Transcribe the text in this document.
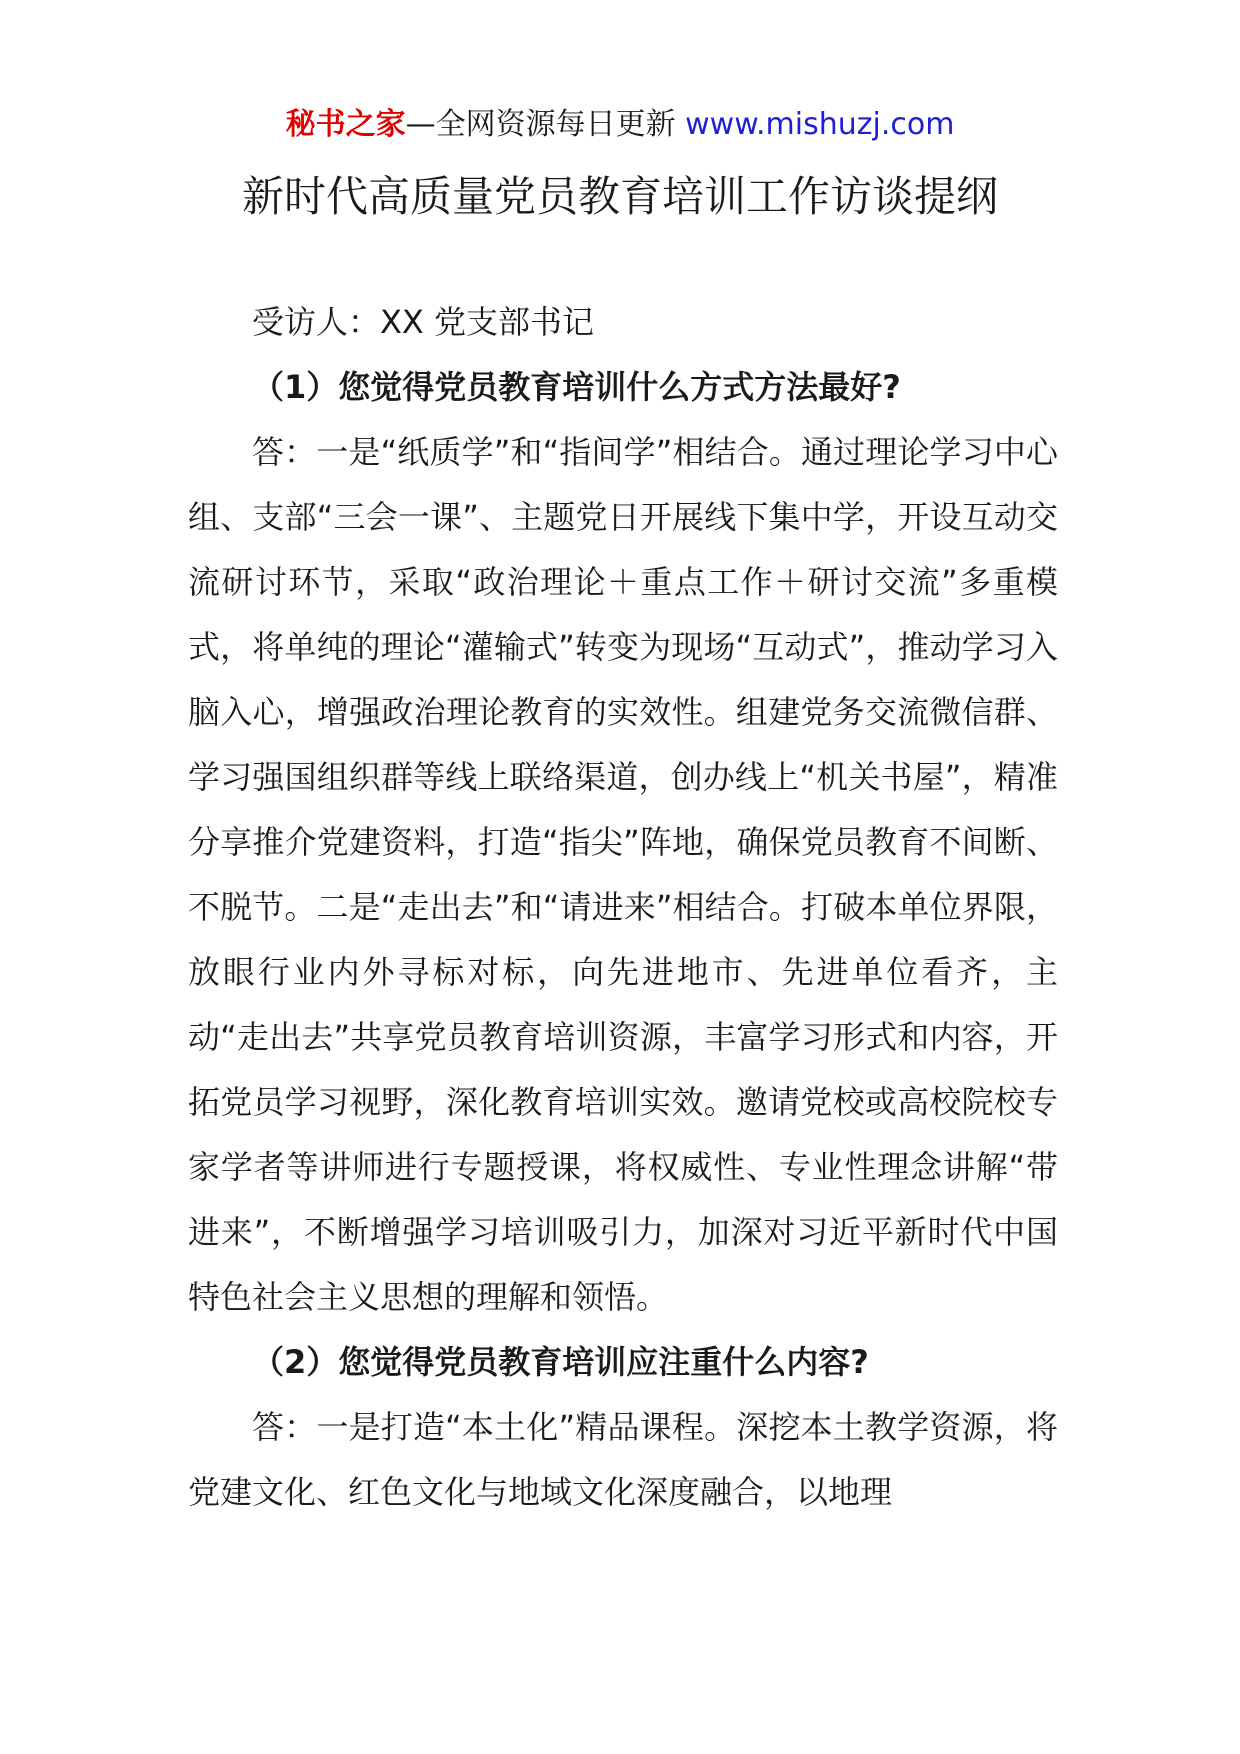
秘书之家—全网资源每日更新 www.mishuzj.com
新时代高质量党员教育培训工作访谈提纲

受访人：XX 党支部书记

（1）您觉得党员教育培训什么方式方法最好?

答：一是“纸质学”和“指间学”相结合。通过理论学习中心组、支部“三会一课”、主题党日开展线下集中学，开设互动交流研讨环节，采取“政治理论＋重点工作＋研讨交流”多重模式，将单纯的理论“灌输式”转变为现场“互动式”，推动学习入脑入心，增强政治理论教育的实效性。组建党务交流微信群、学习强国组织群等线上联络渠道，创办线上“机关书屋”，精准分享推介党建资料，打造“指尖”阵地，确保党员教育不间断、不脱节。二是“走出去”和“请进来”相结合。打破本单位界限，放眼行业内外寻标对标，向先进地市、先进单位看齐，主动“走出去”共享党员教育培训资源，丰富学习形式和内容，开拓党员学习视野，深化教育培训实效。邀请党校或高校院校专家学者等讲师进行专题授课，将权威性、专业性理念讲解“带进来”，不断增强学习培训吸引力，加深对习近平新时代中国特色社会主义思想的理解和领悟。

（2）您觉得党员教育培训应注重什么内容?

答：一是打造“本土化”精品课程。深挖本土教学资源，将党建文化、红色文化与地域文化深度融合，以地理
